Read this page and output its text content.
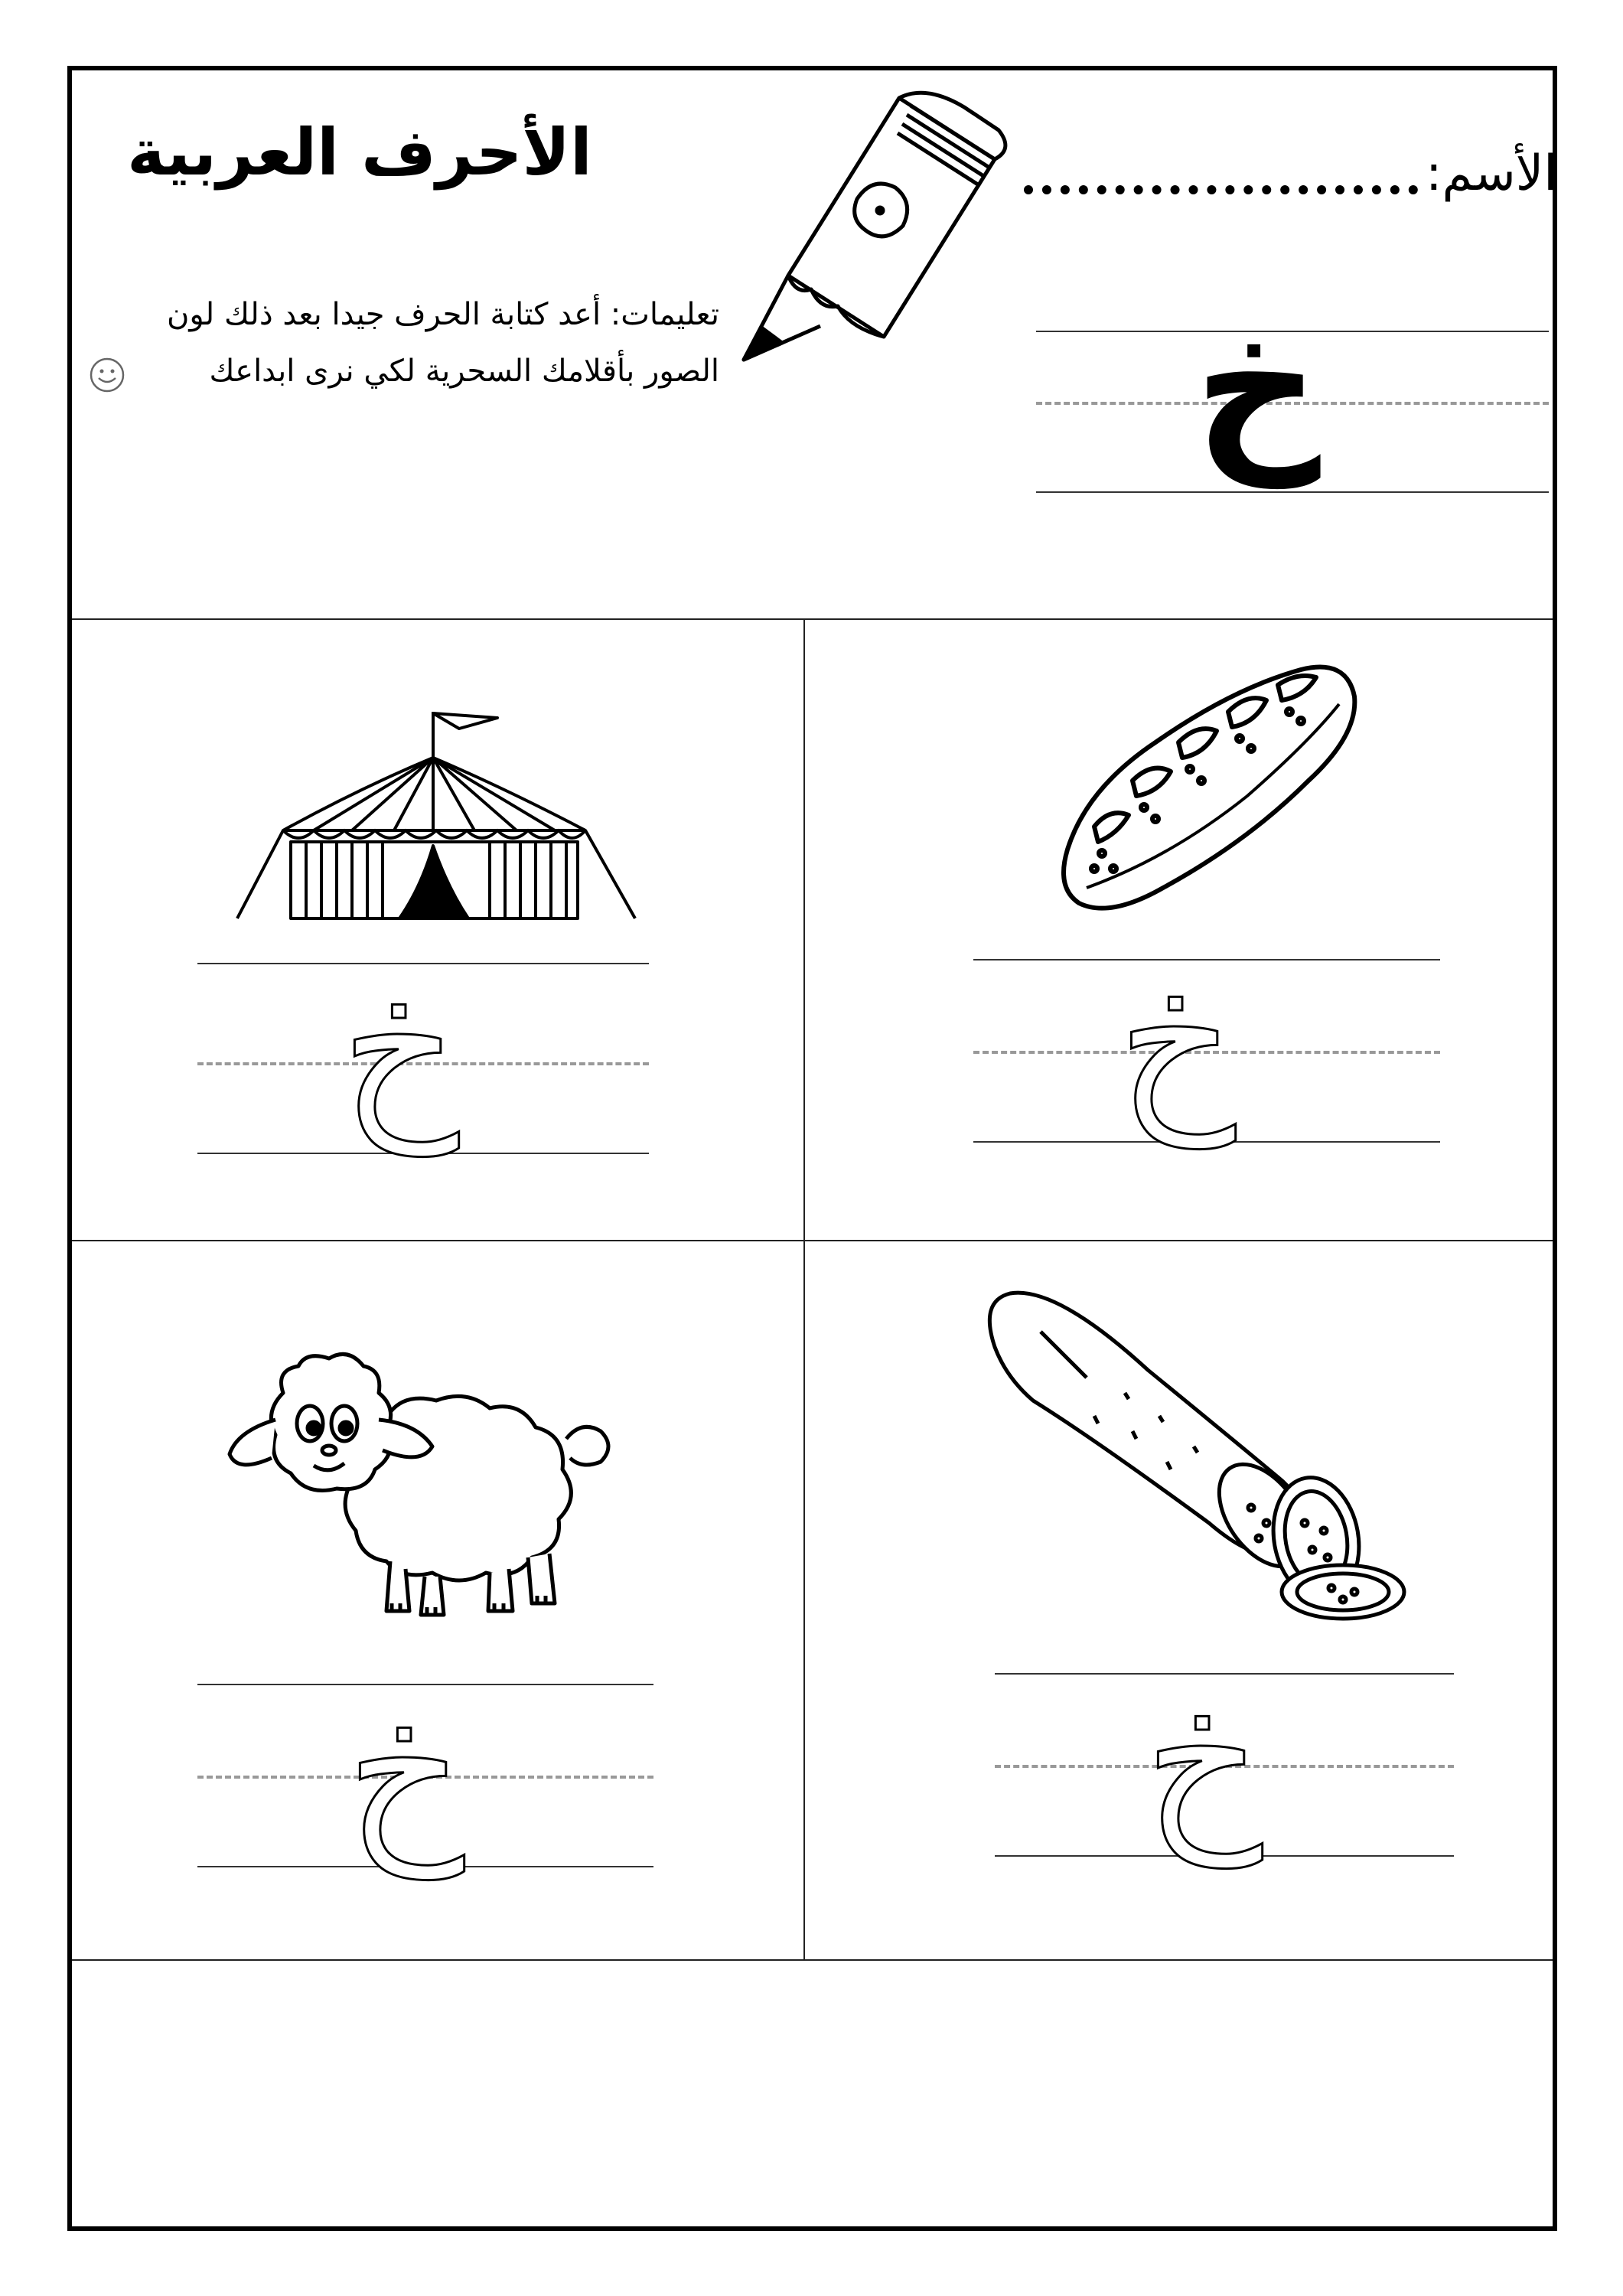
الأحرف العربية	الأسم:
تعليمات: أعد كتابة الحرف جيدا بعد ذلك لون
الصور بأقلامك السحرية لكي نرى ابداعك	خ
خ
خ
خ
خ
